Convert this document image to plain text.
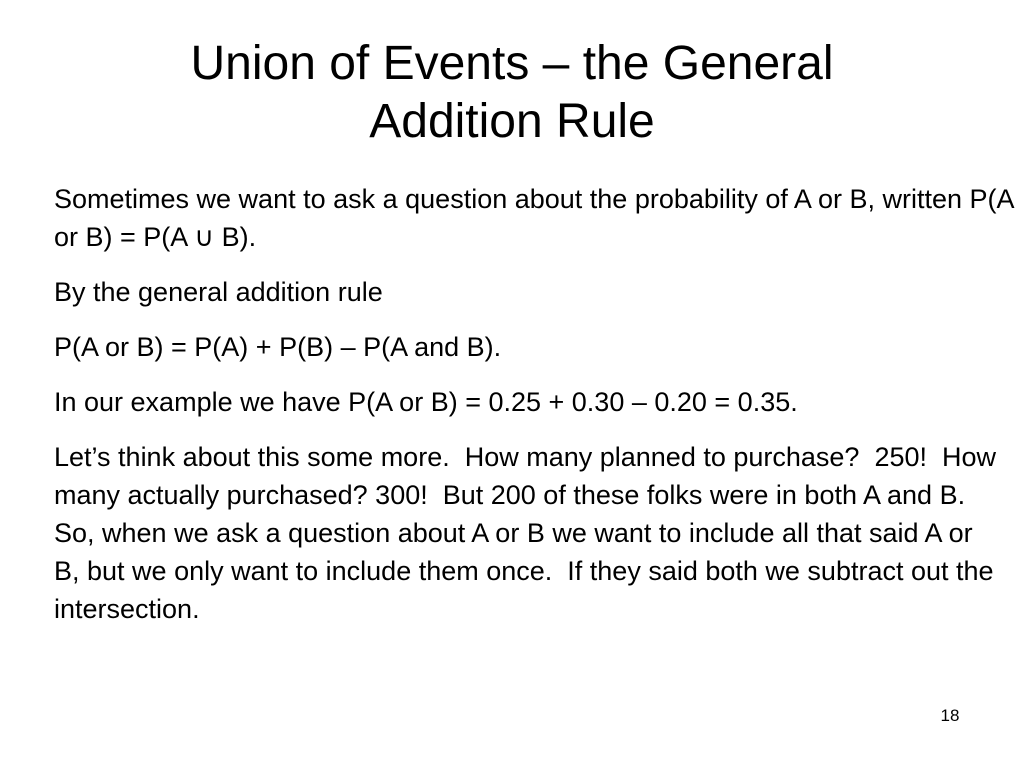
Union of Events – the General
Addition Rule

Sometimes we want to ask a question about the probability of A or B, written P(A or B) = P(A ∪ B).

By the general addition rule

P(A or B) = P(A) + P(B) – P(A and B).

In our example we have P(A or B) = 0.25 + 0.30 – 0.20 = 0.35.

Let’s think about this some more.  How many planned to purchase?  250!  How many actually purchased? 300!  But 200 of these folks were in both A and B.  So, when we ask a question about A or B we want to include all that said A or B, but we only want to include them once.  If they said both we subtract out the intersection.

18
